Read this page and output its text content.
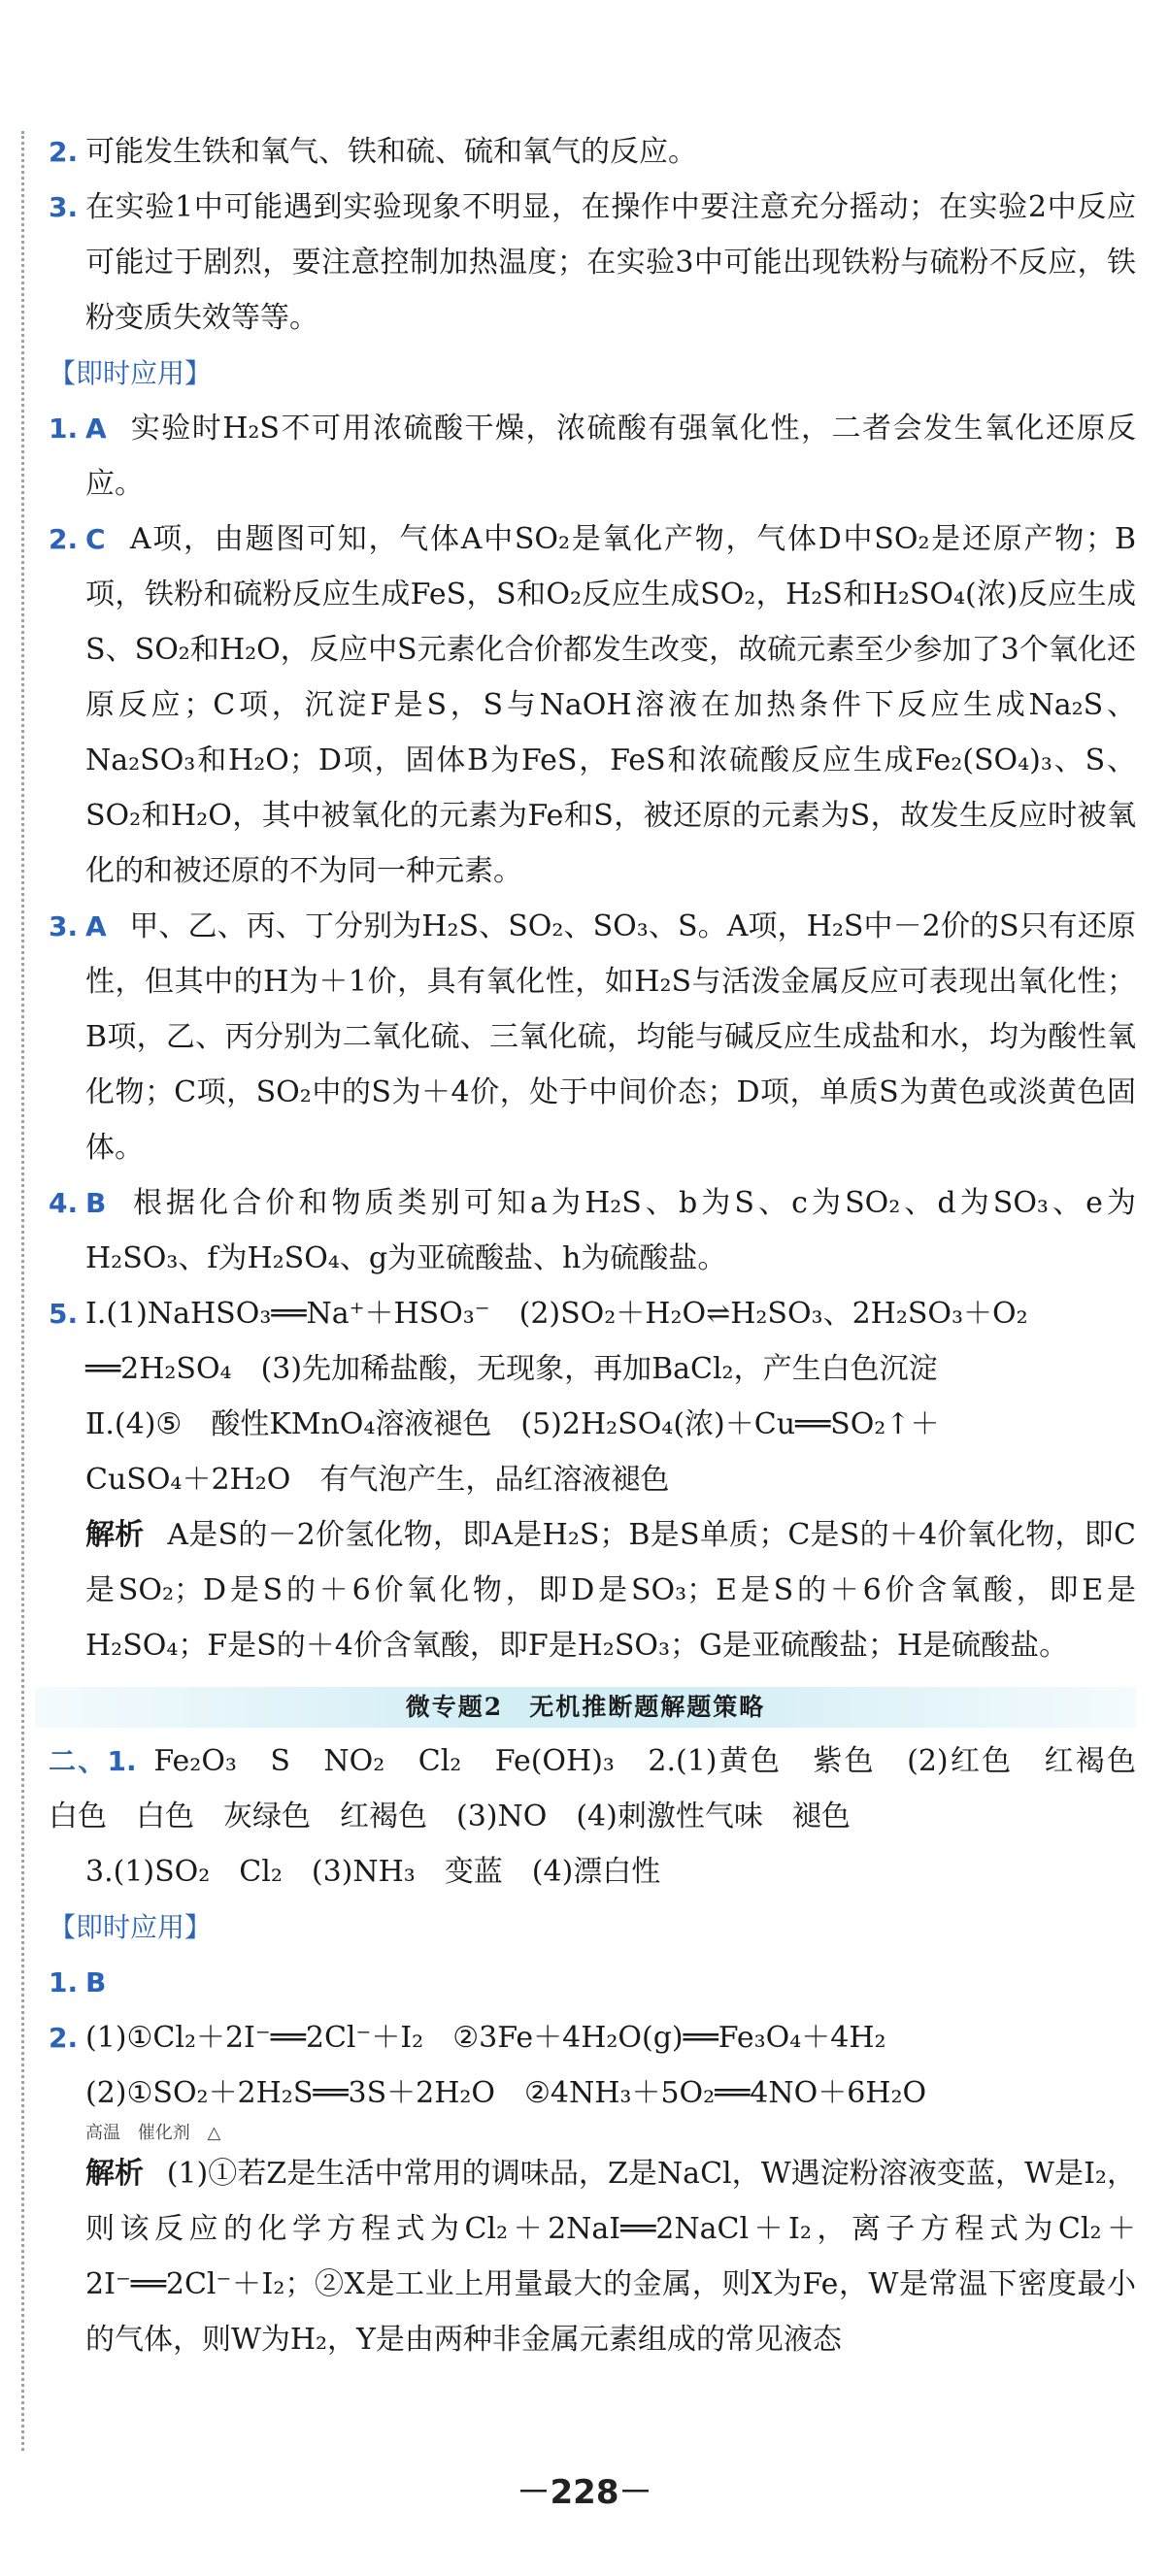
2. 可能发生铁和氧气、铁和硫、硫和氧气的反应。
3. 在实验1中可能遇到实验现象不明显，在操作中要注意充分摇动；在实验2中反应可能过于剧烈，要注意控制加热温度；在实验3中可能出现铁粉与硫粉不反应，铁粉变质失效等等。
【即时应用】
1. A 实验时H₂S不可用浓硫酸干燥，浓硫酸有强氧化性，二者会发生氧化还原反应。
2. C A项，由题图可知，气体A中SO₂是氧化产物，气体D中SO₂是还原产物；B项，铁粉和硫粉反应生成FeS，S和O₂反应生成SO₂，H₂S和H₂SO₄(浓)反应生成S、SO₂和H₂O，反应中S元素化合价都发生改变，故硫元素至少参加了3个氧化还原反应；C项，沉淀F是S，S与NaOH溶液在加热条件下反应生成Na₂S、Na₂SO₃和H₂O；D项，固体B为FeS，FeS和浓硫酸反应生成Fe₂(SO₄)₃、S、SO₂和H₂O，其中被氧化的元素为Fe和S，被还原的元素为S，故发生反应时被氧化的和被还原的不为同一种元素。
3. A 甲、乙、丙、丁分别为H₂S、SO₂、SO₃、S。A项，H₂S中－2价的S只有还原性，但其中的H为＋1价，具有氧化性，如H₂S与活泼金属反应可表现出氧化性；B项，乙、丙分别为二氧化硫、三氧化硫，均能与碱反应生成盐和水，均为酸性氧化物；C项，SO₂中的S为＋4价，处于中间价态；D项，单质S为黄色或淡黄色固体。
4. B 根据化合价和物质类别可知a为H₂S、b为S、c为SO₂、d为SO₃、e为H₂SO₃、f为H₂SO₄、g为亚硫酸盐、h为硫酸盐。
5. Ⅰ.(1)NaHSO₃══Na⁺＋HSO₃⁻　(2)SO₂＋H₂O⇌H₂SO₃、2H₂SO₃＋O₂
══2H₂SO₄　(3)先加稀盐酸，无现象，再加BaCl₂，产生白色沉淀
Ⅱ.(4)⑤　酸性KMnO₄溶液褪色　(5)2H₂SO₄(浓)＋Cu══SO₂↑＋
CuSO₄＋2H₂O　有气泡产生，品红溶液褪色
解析 A是S的－2价氢化物，即A是H₂S；B是S单质；C是S的＋4价氧化物，即C是SO₂；D是S的＋6价氧化物，即D是SO₃；E是S的＋6价含氧酸，即E是H₂SO₄；F是S的＋4价含氧酸，即F是H₂SO₃；G是亚硫酸盐；H是硫酸盐。
微专题2　无机推断题解题策略
二、1. Fe₂O₃　S　NO₂　Cl₂　Fe(OH)₃　2.(1)黄色　紫色　(2)红色　红褐色　白色　白色　灰绿色　红褐色　(3)NO　(4)刺激性气味　褪色
3.(1)SO₂　Cl₂　(3)NH₃　变蓝　(4)漂白性
【即时应用】
1. B
2. (1)①Cl₂＋2I⁻══2Cl⁻＋I₂　②3Fe＋4H₂O(g)══Fe₃O₄＋4H₂
(2)①SO₂＋2H₂S══3S＋2H₂O　②4NH₃＋5O₂══4NO＋6H₂O
高温 催化剂 △
解析 (1)①若Z是生活中常用的调味品，Z是NaCl，W遇淀粉溶液变蓝，W是I₂，则该反应的化学方程式为Cl₂＋2NaI══2NaCl＋I₂，离子方程式为Cl₂＋2I⁻══2Cl⁻＋I₂；②X是工业上用量最大的金属，则X为Fe，W是常温下密度最小的气体，则W为H₂，Y是由两种非金属元素组成的常见液态
－228－
